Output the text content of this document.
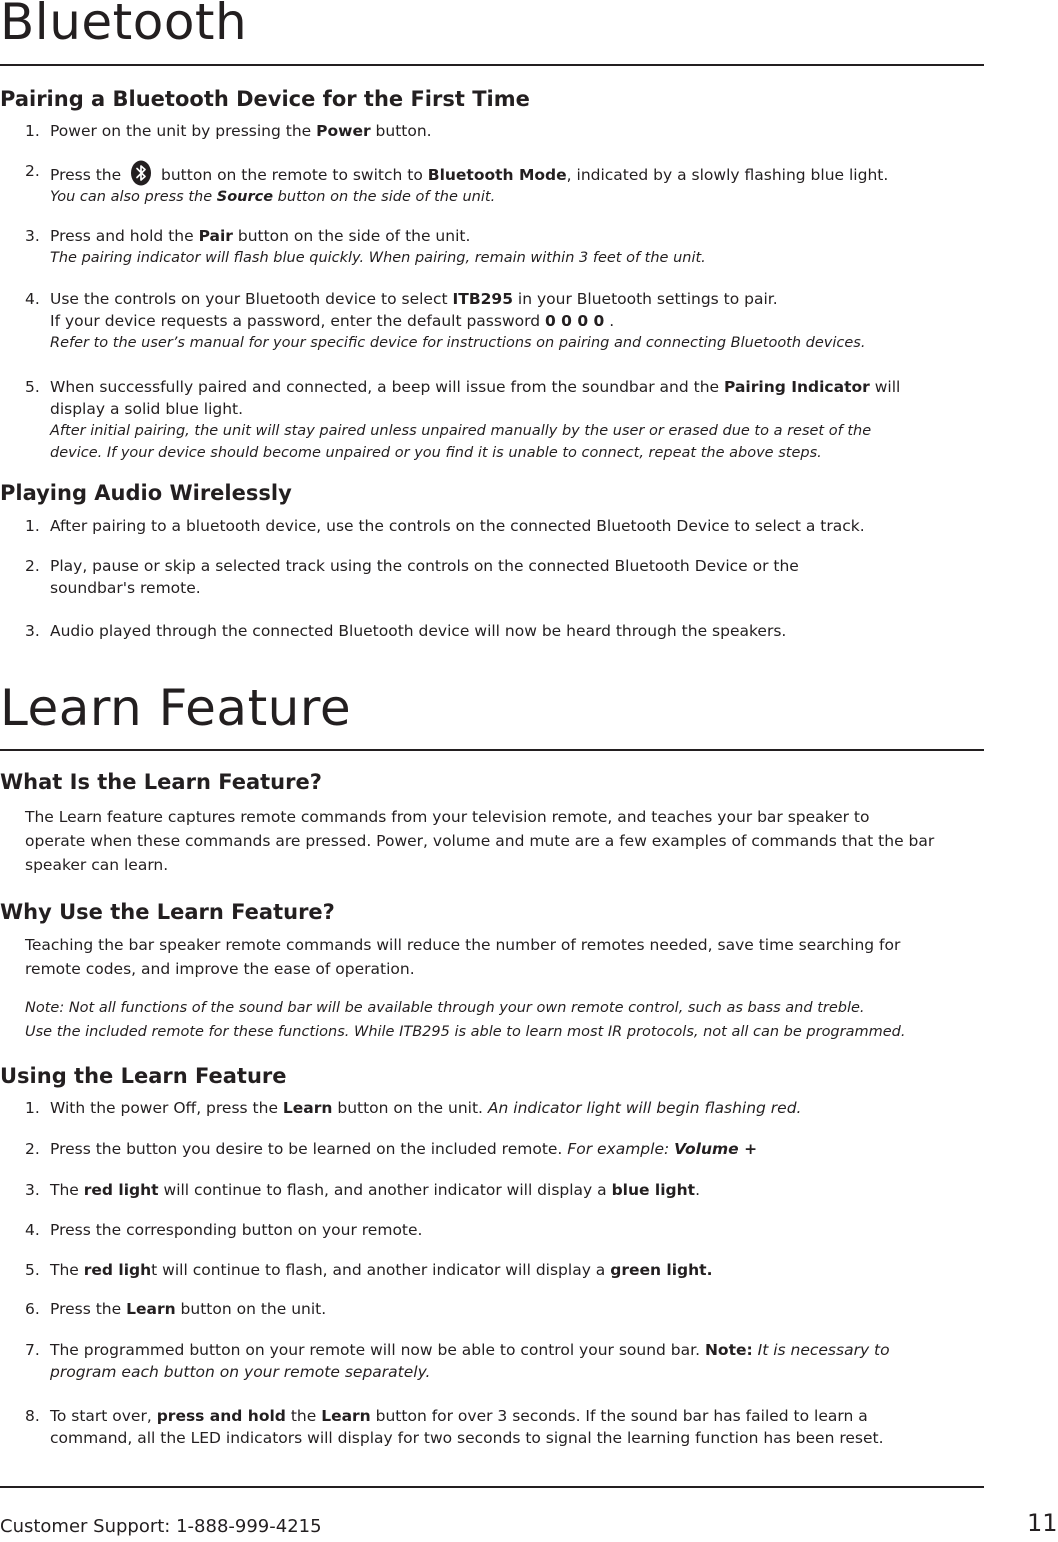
Bluetooth
Pairing a Bluetooth Device for the First Time
1. Power on the unit by pressing the Power button.
2. Press the  button on the remote to switch to Bluetooth Mode, indicated by a slowly flashing blue light.
You can also press the Source button on the side of the unit.
3. Press and hold the Pair button on the side of the unit.
The pairing indicator will flash blue quickly. When pairing, remain within 3 feet of the unit.
4. Use the controls on your Bluetooth device to select ITB295 in your Bluetooth settings to pair.
If your device requests a password, enter the default password 0 0 0 0 .
Refer to the user’s manual for your specific device for instructions on pairing and connecting Bluetooth devices.
5. When successfully paired and connected, a beep will issue from the soundbar and the Pairing Indicator will
display a solid blue light.
After initial pairing, the unit will stay paired unless unpaired manually by the user or erased due to a reset of the
device. If your device should become unpaired or you find it is unable to connect, repeat the above steps.
Playing Audio Wirelessly
1. After pairing to a bluetooth device, use the controls on the connected Bluetooth Device to select a track.
2. Play, pause or skip a selected track using the controls on the connected Bluetooth Device or the
soundbar's remote.
3. Audio played through the connected Bluetooth device will now be heard through the speakers.
Learn Feature
What Is the Learn Feature?
The Learn feature captures remote commands from your television remote, and teaches your bar speaker to
operate when these commands are pressed. Power, volume and mute are a few examples of commands that the bar
speaker can learn.
Why Use the Learn Feature?
Teaching the bar speaker remote commands will reduce the number of remotes needed, save time searching for
remote codes, and improve the ease of operation.
Note: Not all functions of the sound bar will be available through your own remote control, such as bass and treble.
Use the included remote for these functions. While ITB295 is able to learn most IR protocols, not all can be programmed.
Using the Learn Feature
1. With the power Off, press the Learn button on the unit. An indicator light will begin flashing red.
2. Press the button you desire to be learned on the included remote. For example: Volume +
3. The red light will continue to flash, and another indicator will display a blue light.
4. Press the corresponding button on your remote.
5. The red light will continue to flash, and another indicator will display a green light.
6. Press the Learn button on the unit.
7. The programmed button on your remote will now be able to control your sound bar. Note: It is necessary to
program each button on your remote separately.
8. To start over, press and hold the Learn button for over 3 seconds. If the sound bar has failed to learn a
command, all the LED indicators will display for two seconds to signal the learning function has been reset.
Customer Support: 1-888-999-4215	11
